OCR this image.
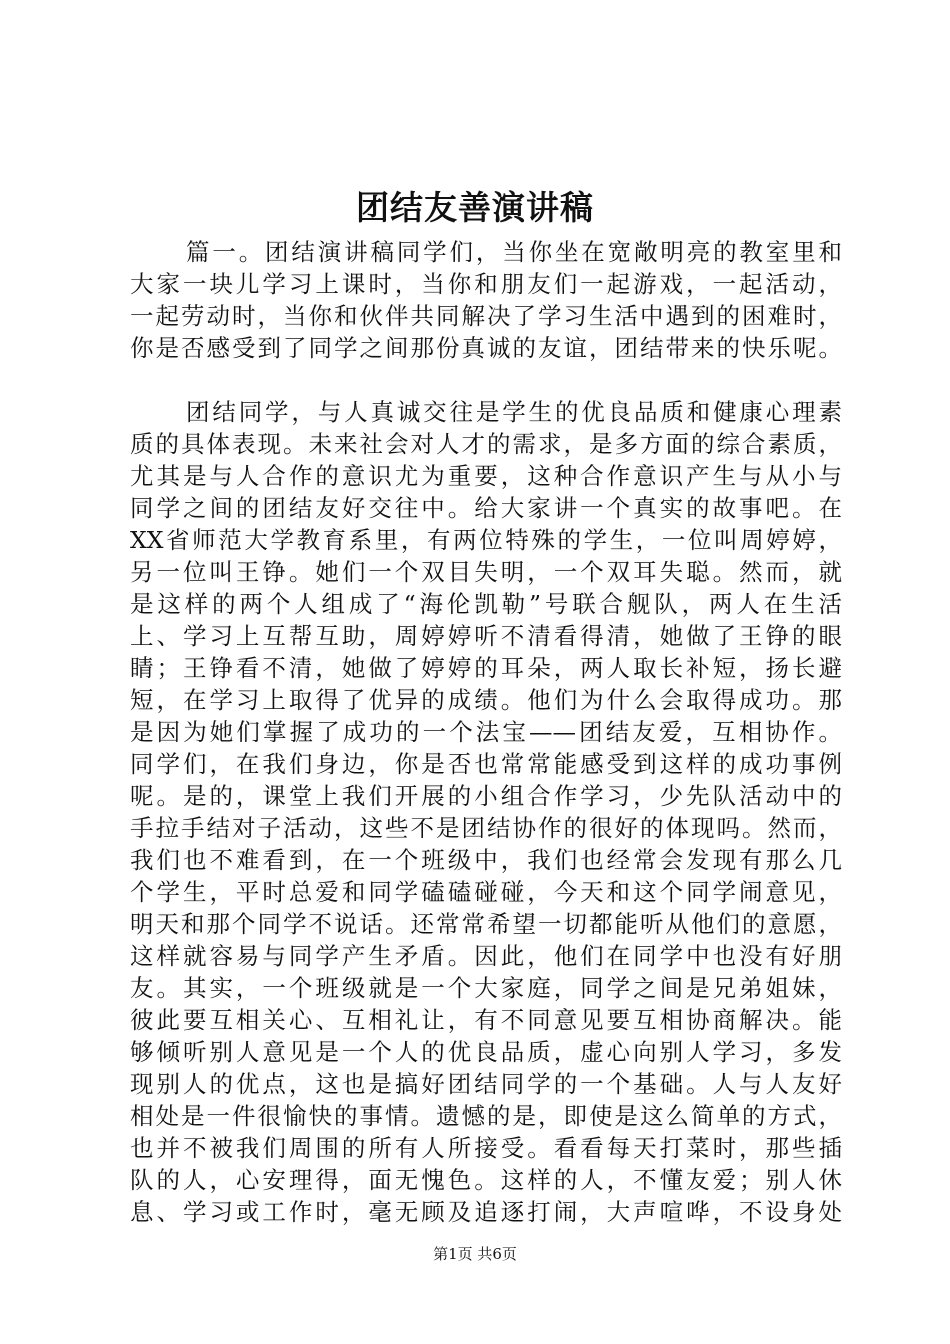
团结友善演讲稿
篇一。团结演讲稿同学们，当你坐在宽敞明亮的教室里和
大家一块儿学习上课时，当你和朋友们一起游戏，一起活动，
一起劳动时，当你和伙伴共同解决了学习生活中遇到的困难时，
你是否感受到了同学之间那份真诚的友谊，团结带来的快乐呢。
团结同学，与人真诚交往是学生的优良品质和健康心理素
质的具体表现。未来社会对人才的需求，是多方面的综合素质，
尤其是与人合作的意识尤为重要，这种合作意识产生与从小与
同学之间的团结友好交往中。给大家讲一个真实的故事吧。在
XX省师范大学教育系里，有两位特殊的学生，一位叫周婷婷，
另一位叫王铮。她们一个双目失明，一个双耳失聪。然而，就
是这样的两个人组成了“海伦凯勒”号联合舰队，两人在生活
上、学习上互帮互助，周婷婷听不清看得清，她做了王铮的眼
睛；王铮看不清，她做了婷婷的耳朵，两人取长补短，扬长避
短，在学习上取得了优异的成绩。他们为什么会取得成功。那
是因为她们掌握了成功的一个法宝——团结友爱，互相协作。
同学们，在我们身边，你是否也常常能感受到这样的成功事例
呢。是的，课堂上我们开展的小组合作学习，少先队活动中的
手拉手结对子活动，这些不是团结协作的很好的体现吗。然而，
我们也不难看到，在一个班级中，我们也经常会发现有那么几
个学生，平时总爱和同学磕磕碰碰，今天和这个同学闹意见，
明天和那个同学不说话。还常常希望一切都能听从他们的意愿，
这样就容易与同学产生矛盾。因此，他们在同学中也没有好朋
友。其实，一个班级就是一个大家庭，同学之间是兄弟姐妹，
彼此要互相关心、互相礼让，有不同意见要互相协商解决。能
够倾听别人意见是一个人的优良品质，虚心向别人学习，多发
现别人的优点，这也是搞好团结同学的一个基础。人与人友好
相处是一件很愉快的事情。遗憾的是，即使是这么简单的方式，
也并不被我们周围的所有人所接受。看看每天打菜时，那些插
队的人，心安理得，面无愧色。这样的人，不懂友爱；别人休
息、学习或工作时，毫无顾及追逐打闹，大声喧哗，不设身处
第1页 共6页
